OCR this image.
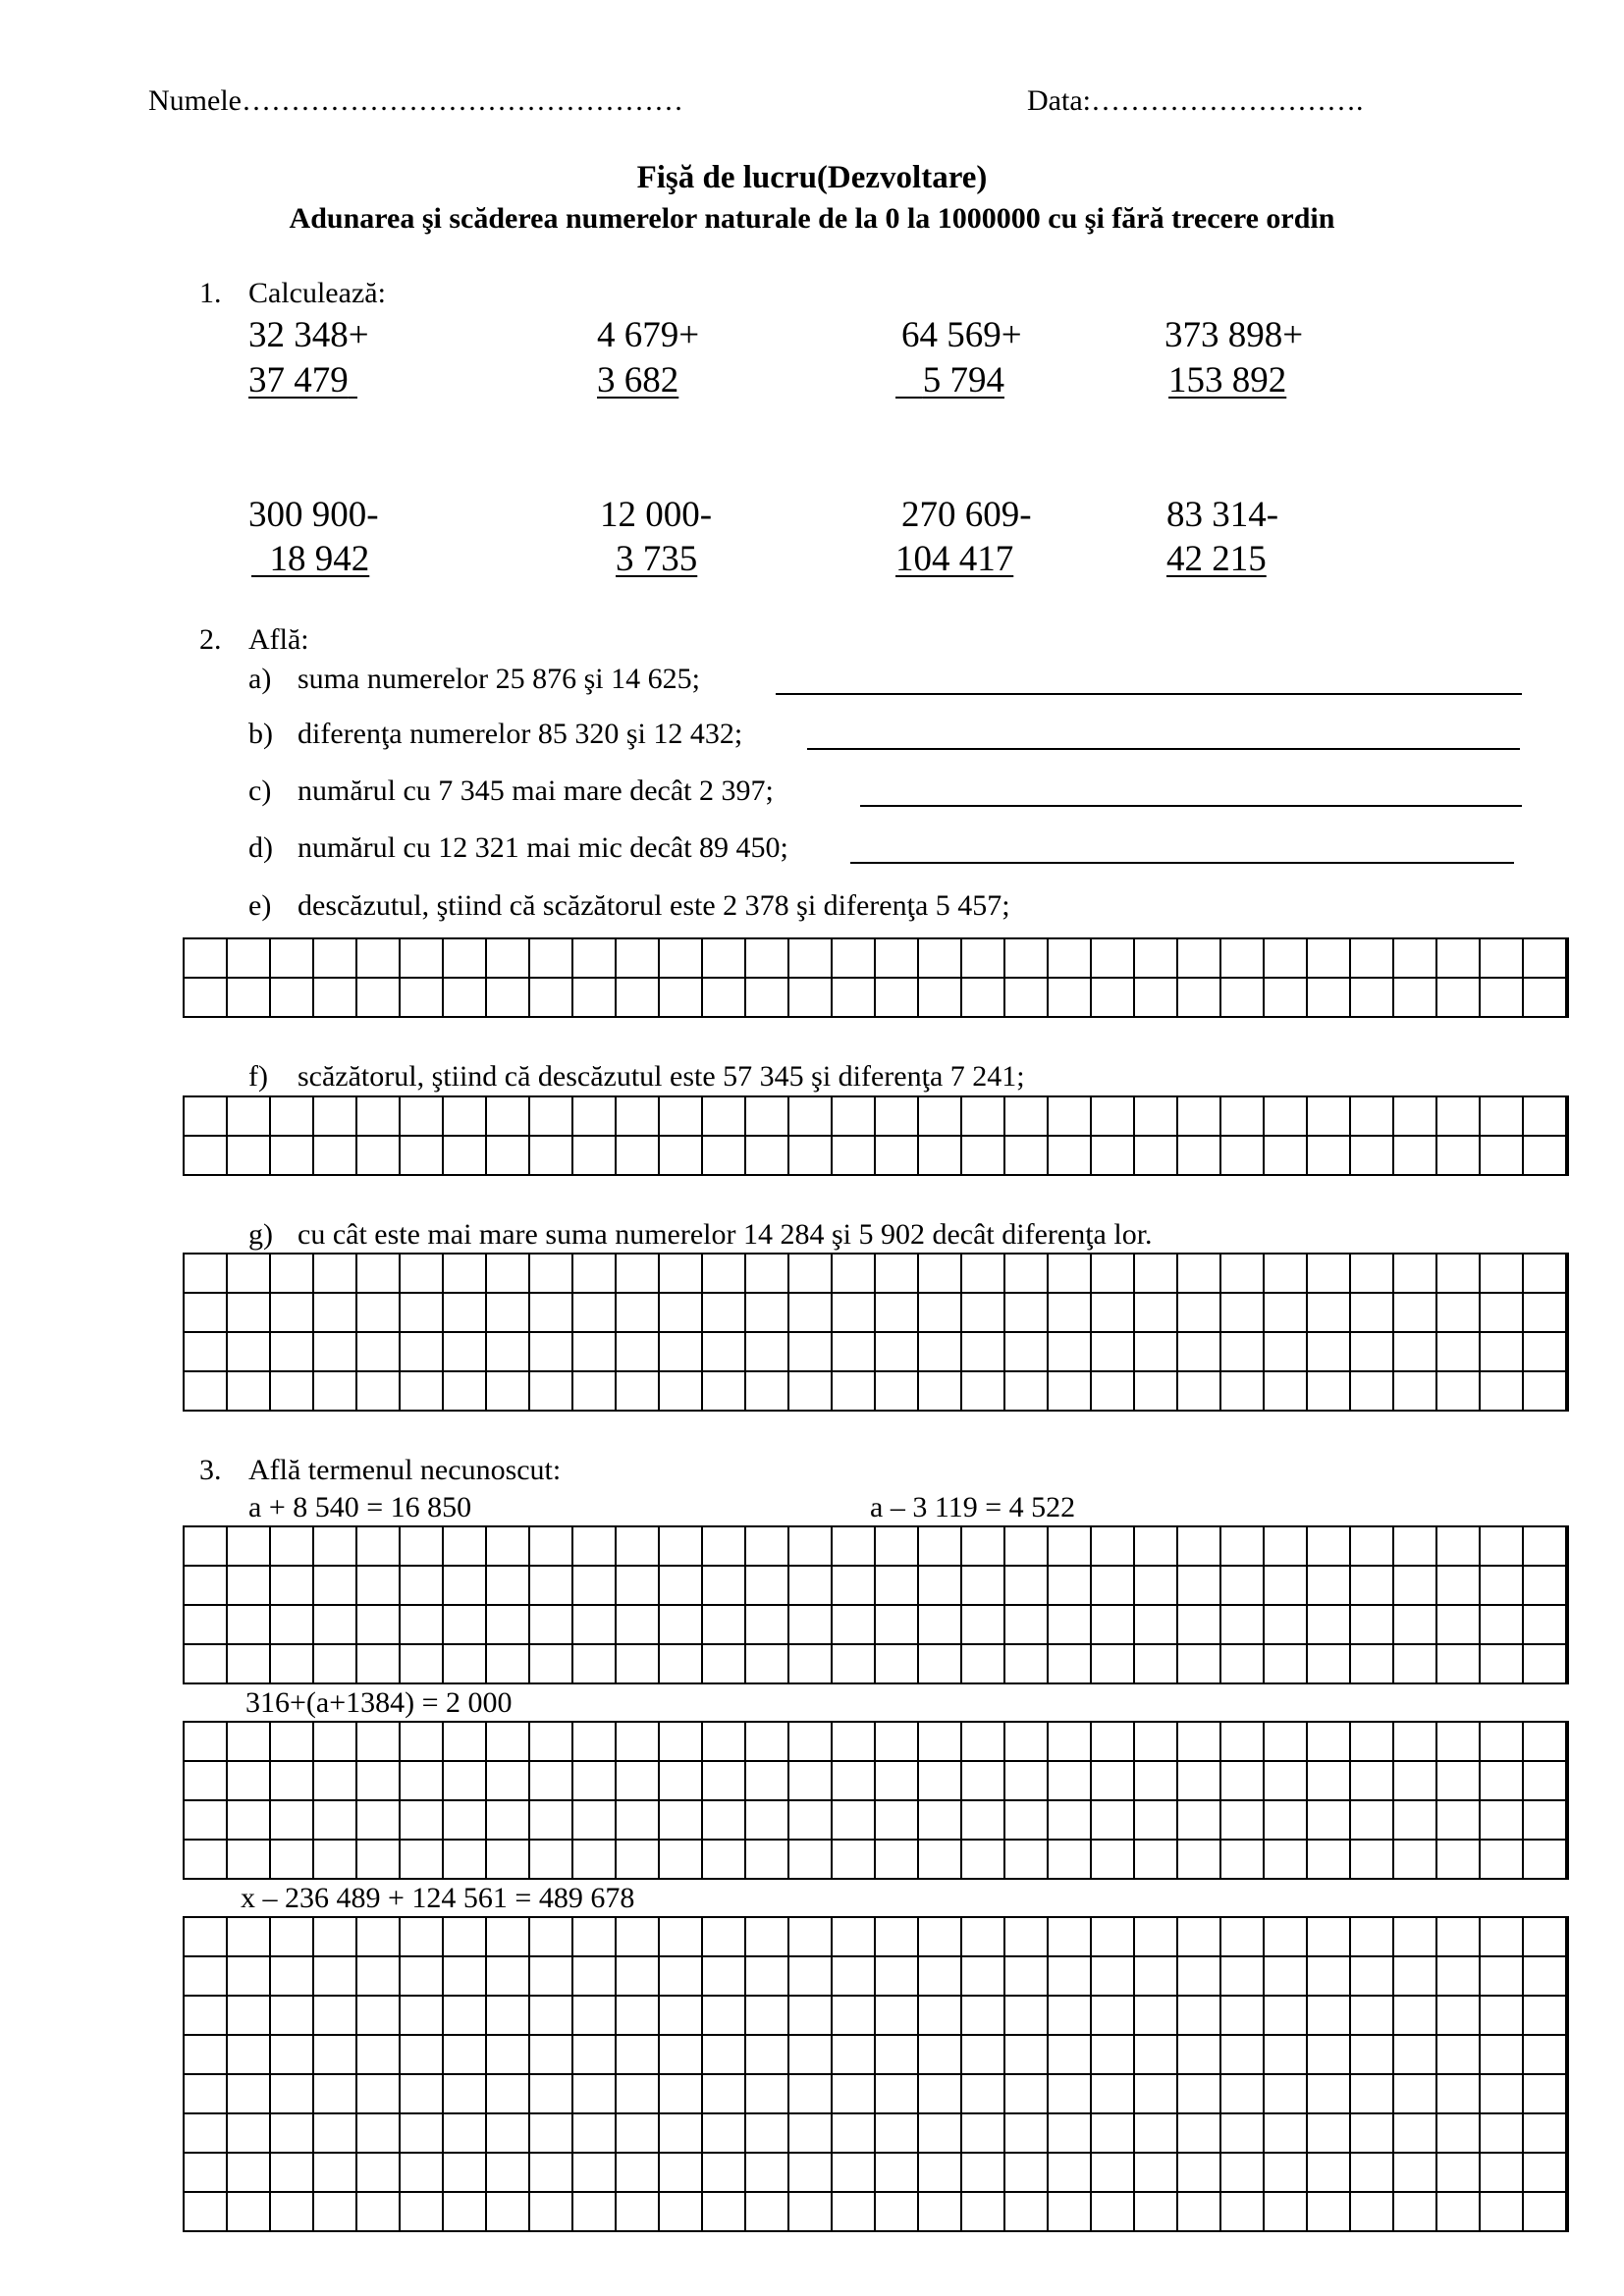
Numele………………………………………	Data:……………………….
Fişă de lucru(Dezvoltare)
Adunarea şi scăderea numerelor naturale de la 0 la 1000000 cu şi fără trecere ordin
1. Calculează:
32 348+	4 679+	64 569+	373 898+
37 479	3 682	5 794	153 892
300 900-	12 000-	270 609-	83 314-
18 942	3 735	104 417	42 215
2. Află:
a) suma numerelor 25 876 şi 14 625;
b) diferenţa numerelor 85 320 şi 12 432;
c) numărul cu 7 345 mai mare decât 2 397;
d) numărul cu 12 321 mai mic decât 89 450;
e) descăzutul, ştiind că scăzătorul este 2 378 şi diferenţa 5 457;
f) scăzătorul, ştiind că descăzutul este 57 345 şi diferenţa 7 241;
g) cu cât este mai mare suma numerelor 14 284 şi 5 902 decât diferenţa lor.
3. Află termenul necunoscut:
a + 8 540 = 16 850	a – 3 119 = 4 522
316+(a+1384) = 2 000
x – 236 489 + 124 561 = 489 678
